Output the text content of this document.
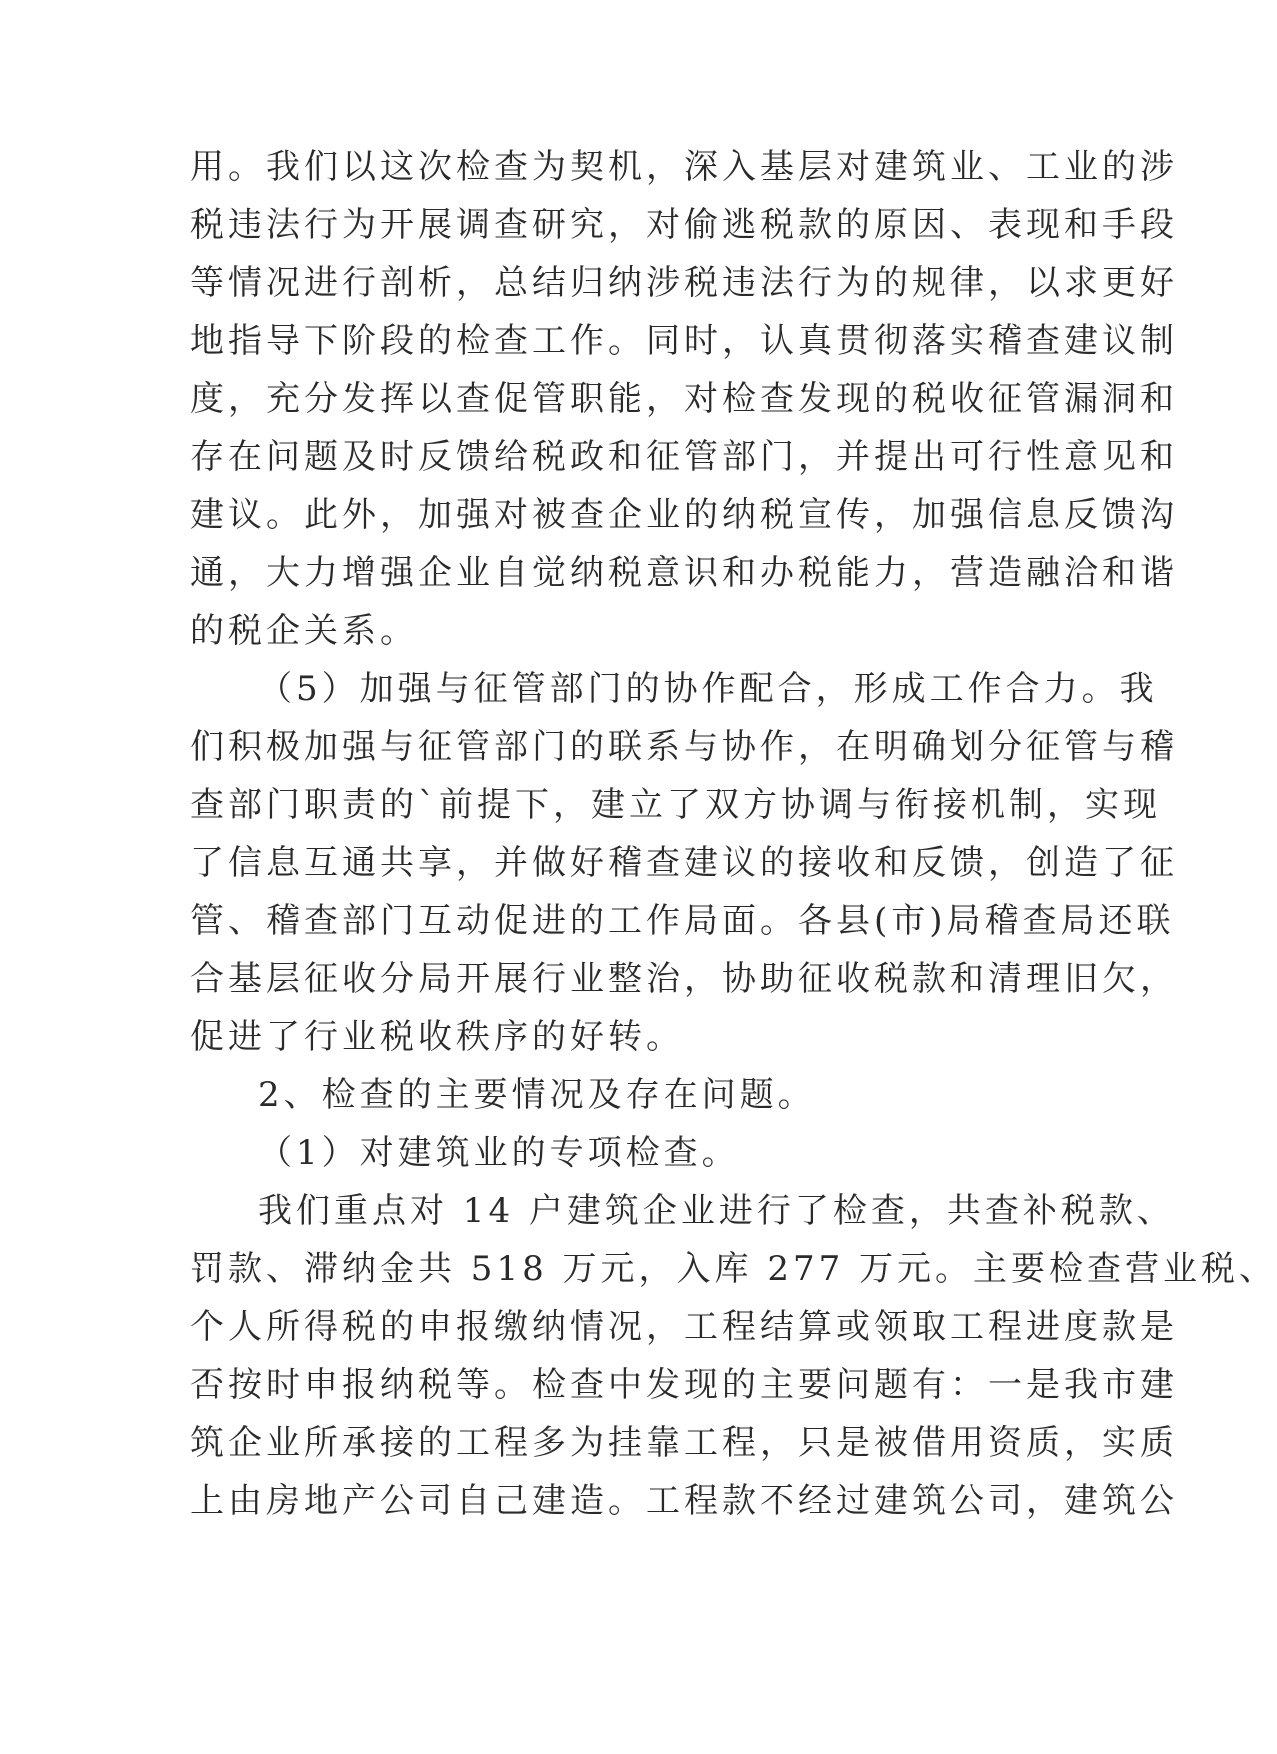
用。我们以这次检查为契机，深入基层对建筑业、工业的涉
税违法行为开展调查研究，对偷逃税款的原因、表现和手段
等情况进行剖析，总结归纳涉税违法行为的规律，以求更好
地指导下阶段的检查工作。同时，认真贯彻落实稽查建议制
度，充分发挥以查促管职能，对检查发现的税收征管漏洞和
存在问题及时反馈给税政和征管部门，并提出可行性意见和
建议。此外，加强对被查企业的纳税宣传，加强信息反馈沟
通，大力增强企业自觉纳税意识和办税能力，营造融洽和谐
的税企关系。
（5）加强与征管部门的协作配合，形成工作合力。我
们积极加强与征管部门的联系与协作，在明确划分征管与稽
查部门职责的`前提下，建立了双方协调与衔接机制，实现
了信息互通共享，并做好稽查建议的接收和反馈，创造了征
管、稽查部门互动促进的工作局面。各县(市)局稽查局还联
合基层征收分局开展行业整治，协助征收税款和清理旧欠，
促进了行业税收秩序的好转。
2、检查的主要情况及存在问题。
（1）对建筑业的专项检查。
我们重点对 14 户建筑企业进行了检查，共查补税款、
罚款、滞纳金共 518 万元，入库 277 万元。主要检查营业税、
个人所得税的申报缴纳情况，工程结算或领取工程进度款是
否按时申报纳税等。检查中发现的主要问题有：一是我市建
筑企业所承接的工程多为挂靠工程，只是被借用资质，实质
上由房地产公司自己建造。工程款不经过建筑公司，建筑公
